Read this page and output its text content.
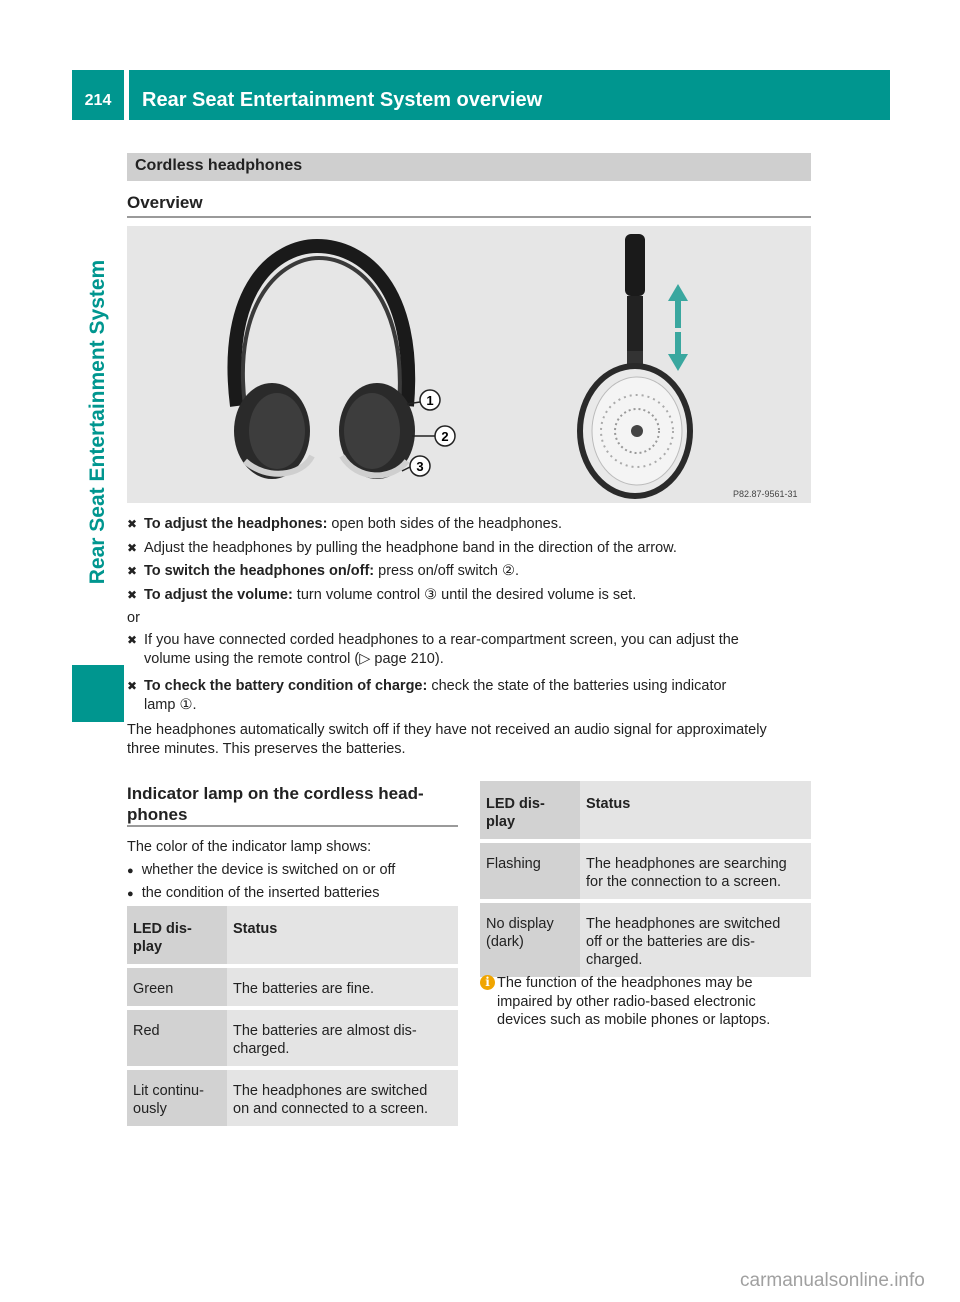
214	Rear Seat Entertainment System overview
Rear Seat Entertainment System
Cordless headphones
Overview
1
2
3
P82.87-9561-31
✖ To adjust the headphones: open both sides of the headphones.
✖ Adjust the headphones by pulling the headphone band in the direction of the arrow.
✖ To switch the headphones on/off: press on/off switch ②.
✖ To adjust the volume: turn volume control ③ until the desired volume is set.
or
✖ If you have connected corded headphones to a rear-compartment screen, you can adjust the
volume using the remote control (▷ page 210).
✖ To check the battery condition of charge: check the state of the batteries using indicator
lamp ①.
The headphones automatically switch off if they have not received an audio signal for approximately
three minutes. This preserves the batteries.
Indicator lamp on the cordless head-
phones
The color of the indicator lamp shows:
● whether the device is switched on or off
● the condition of the inserted batteries
LED dis-
play	Status
Green	The batteries are fine.
Red	The batteries are almost dis-
charged.
Lit continu-
ously	The headphones are switched
on and connected to a screen.
LED dis-
play	Status
Flashing	The headphones are searching
for the connection to a screen.
No display
(dark)	The headphones are switched
off or the batteries are dis-
charged.
i The function of the headphones may be
impaired by other radio-based electronic
devices such as mobile phones or laptops.
carmanualsonline.info
